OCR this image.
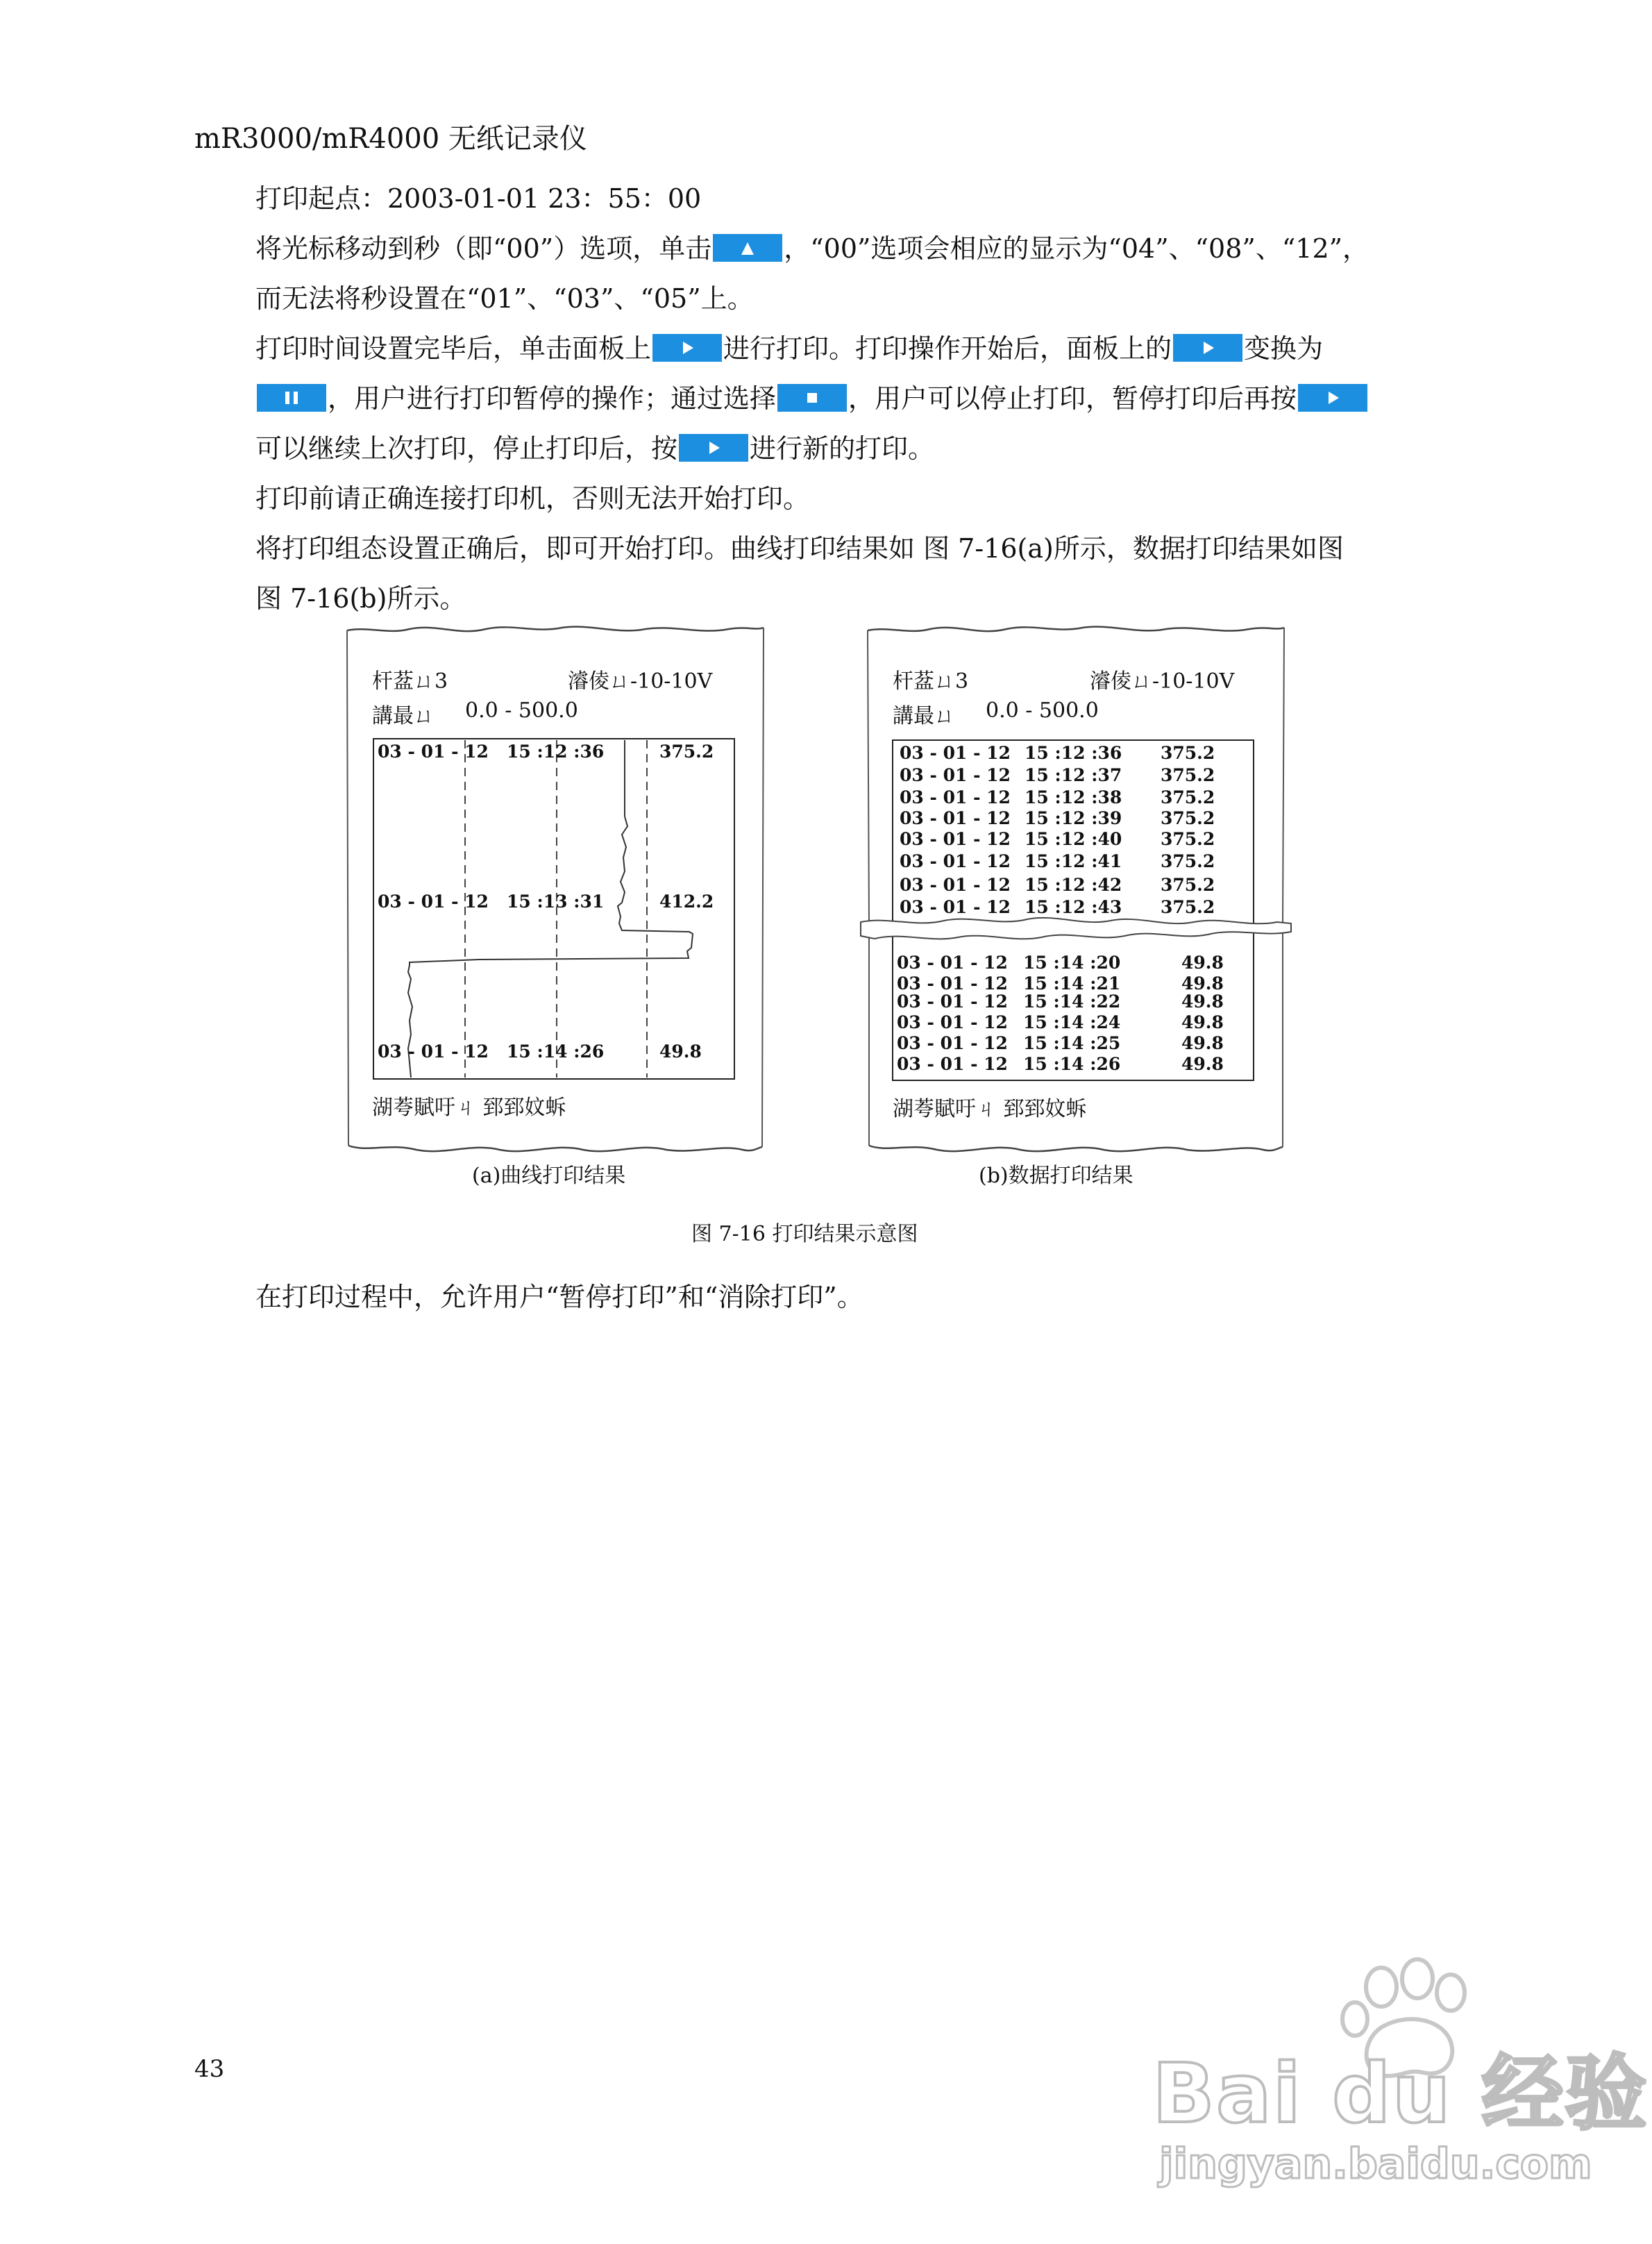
mR3000/mR4000 无纸记录仪
打印起点：2003-01-01 23：55：00
将光标移动到秒（即“00”）选项，单击	，“00”选项会相应的显示为“04”、“08”、“12”，
而无法将秒设置在“01”、“03”、“05”上。
打印时间设置完毕后，单击面板上	进行打印。打印操作开始后，面板上的	变换为
，用户进行打印暂停的操作；通过选择	，用户可以停止打印，暂停打印后再按
可以继续上次打印，停止打印后，按	进行新的打印。
打印前请正确连接打印机，否则无法开始打印。
将打印组态设置正确后，即可开始打印。曲线打印结果如 图 7-16(a)所示，数据打印结果如图
图 7-16(b)所示。
杆葐ㄩ3	濬倰ㄩ-10-10V
講最ㄩ 0.0 - 500.0
03 - 01 - 12 15 :12 :36	375.2
03 - 01 - 12 15 :13 :31	412.2
03 - 01 - 12 15 :14 :26	49.8
湖荂賦吁ㄐ 郅郅妏蚸
(a)曲线打印结果
杆葐ㄩ3	濬倰ㄩ-10-10V
講最ㄩ 0.0 - 500.0
03 - 01 - 12 15 :12 :36 375.2
03 - 01 - 12 15 :12 :37 375.2
03 - 01 - 12 15 :12 :38 375.2
03 - 01 - 12 15 :12 :39 375.2
03 - 01 - 12 15 :12 :40 375.2
03 - 01 - 12 15 :12 :41 375.2
03 - 01 - 12 15 :12 :42 375.2
03 - 01 - 12 15 :12 :43 375.2
03 - 01 - 12 15 :14 :20	49.8
03 - 01 - 12 15 :14 :21	49.8
03 - 01 - 12 15 :14 :22	49.8
03 - 01 - 12 15 :14 :24	49.8
03 - 01 - 12 15 :14 :25	49.8
03 - 01 - 12 15 :14 :26	49.8
湖荂賦吁ㄐ 郅郅妏蚸
(b)数据打印结果
图 7-16 打印结果示意图
在打印过程中，允许用户“暂停打印”和“消除打印”。
43	Bai du 经验
jingyan.baidu.com
